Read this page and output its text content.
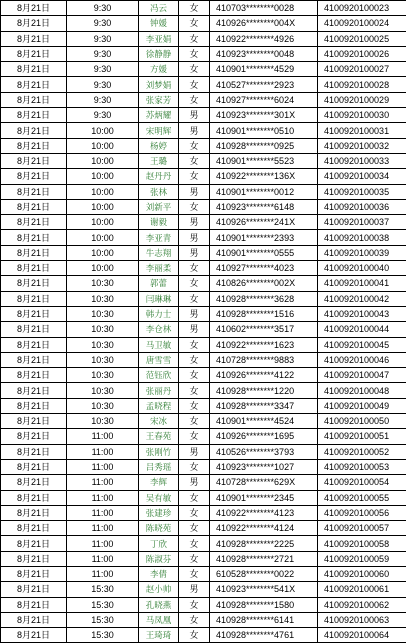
8月21日	9:30	冯云	女	410703********0028	4100920100023
8月21日	9:30	钟媛	女	410926********004X	4100920100024
8月21日	9:30	李亚娟	女	410922********4926	4100920100025
8月21日	9:30	徐静静	女	410923********0048	4100920100026
8月21日	9:30	方媛	女	410901********4529	4100920100027
8月21日	9:30	刘梦娟	女	410527********2923	4100920100028
8月21日	9:30	张家芳	女	410927********6024	4100920100029
8月21日	9:30	苏炳耀	男	410923********301X	4100920100030
8月21日	10:00	宋明辉	男	410901********0510	4100920100031
8月21日	10:00	杨婷	女	410928********0925	4100920100032
8月21日	10:00	王璐	女	410901********5523	4100920100033
8月21日	10:00	赵丹丹	女	410922********136X	4100920100034
8月21日	10:00	张林	男	410901********0012	4100920100035
8月21日	10:00	刘新平	女	410923********6148	4100920100036
8月21日	10:00	谢毅	男	410926********241X	4100920100037
8月21日	10:00	李亚青	男	410901********2393	4100920100038
8月21日	10:00	牛志翔	男	410901********0555	4100920100039
8月21日	10:00	李丽柔	女	410927********4023	4100920100040
8月21日	10:30	郭蕾	女	410826********002X	4100920100041
8月21日	10:30	闫琳琳	女	410928********3628	4100920100042
8月21日	10:30	韩力士	男	410928********1516	4100920100043
8月21日	10:30	李仓林	男	410602********3517	4100920100044
8月21日	10:30	马卫敏	女	410922********1623	4100920100045
8月21日	10:30	唐雪雪	女	410728********9883	4100920100046
8月21日	10:30	范钰欣	女	410926********4122	4100920100047
8月21日	10:30	张丽丹	女	410928********1220	4100920100048
8月21日	10:30	孟晓程	女	410928********3347	4100920100049
8月21日	10:30	宋冰	女	410901********4524	4100920100050
8月21日	11:00	王春苑	女	410926********1695	4100920100051
8月21日	11:00	张刚竹	男	410526********3793	4100920100052
8月21日	11:00	吕秀瑶	女	410923********1027	4100920100053
8月21日	11:00	李辉	男	410728********629X	4100920100054
8月21日	11:00	吴有敏	女	410901********2345	4100920100055
8月21日	11:00	张建珍	女	410922********4123	4100920100056
8月21日	11:00	陈晓苑	女	410922********4124	4100920100057
8月21日	11:00	丁欣	女	410928********2225	4100920100058
8月21日	11:00	陈淑芬	女	410928********2721	4100920100059
8月21日	11:00	李倩	女	610528********0022	4100920100060
8月21日	15:30	赵小帅	男	410923********541X	4100920100061
8月21日	15:30	孔晓燕	女	410928********1580	4100920100062
8月21日	15:30	马凤凰	女	410928********6141	4100920100063
8月21日	15:30	王琦琦	女	410928********4761	4100920100064
